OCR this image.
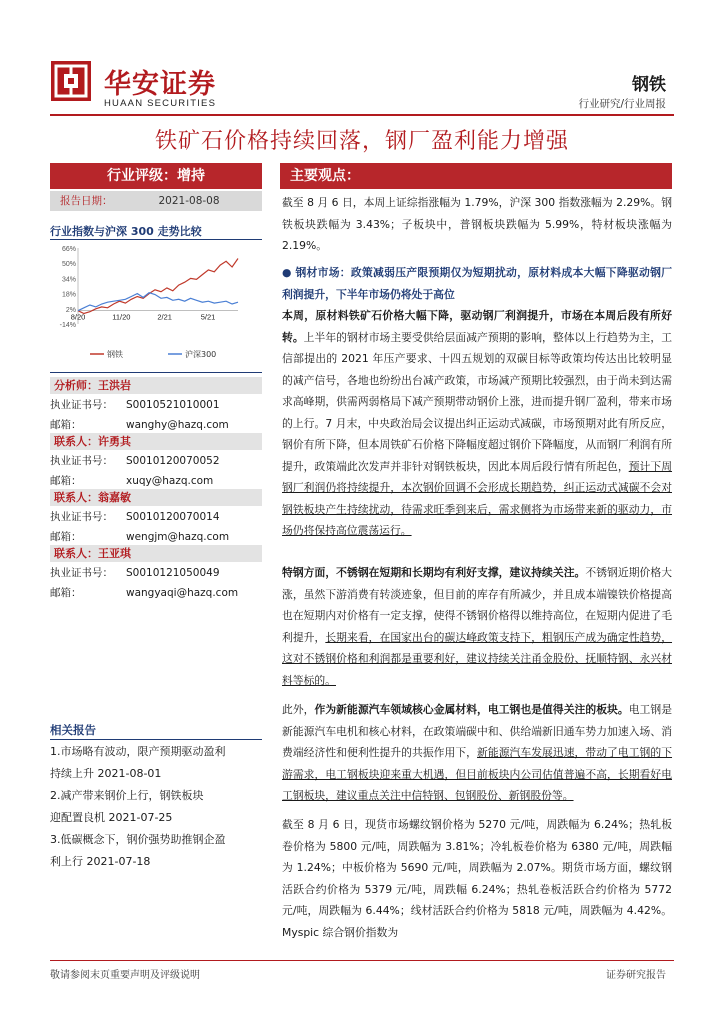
华安证券
HUAAN SECURITIES
钢铁
行业研究/行业周报
铁矿石价格持续回落，钢厂盈利能力增强
行业评级：增持
报告日期：	2021-08-08
行业指数与沪深 300 走势比较
66%
50%
34%
18%
2%
-14%
8/20	11/20	2/21	5/21
钢铁	沪深300
分析师：王洪岩
执业证书号： S0010521010001
邮箱：	wanghy@hazq.com
联系人：许勇其
执业证书号： S0010120070052
邮箱：	xuqy@hazq.com
联系人：翁嘉敏
执业证书号： S0010120070014
邮箱：	wengjm@hazq.com
联系人：王亚琪
执业证书号： S0010121050049
邮箱：	wangyaqi@hazq.com
相关报告
1.市场略有波动，限产预期驱动盈利
持续上升 2021-08-01
2.减产带来钢价上行，钢铁板块
迎配置良机 2021-07-25
3.低碳概念下，钢价强势助推钢企盈
利上行 2021-07-18
主要观点：
截至 8 月 6 日，本周上证综指涨幅为 1.79%，沪深 300 指数涨幅为 2.29%。钢铁板块跌幅为 3.43%；子板块中，普钢板块跌幅为 5.99%，特材板块涨幅为 2.19%。
● 钢材市场：政策减弱压产限预期仅为短期扰动，原材料成本大幅下降驱动钢厂利润提升，下半年市场仍将处于高位
本周，原材料铁矿石价格大幅下降，驱动钢厂利润提升，市场在本周后段有所好转。上半年的钢材市场主要受供给层面减产预期的影响，整体以上行趋势为主，工信部提出的 2021 年压产要求、十四五规划的双碳目标等政策均传达出比较明显的减产信号，各地也纷纷出台减产政策，市场减产预期比较强烈，由于尚未到达需求高峰期，供需两弱格局下减产预期带动钢价上涨，进而提升钢厂盈利，带来市场的上行。7 月末，中央政治局会议提出纠正运动式减碳，市场预期对此有所反应，钢价有所下降，但本周铁矿石价格下降幅度超过钢价下降幅度，从而钢厂利润有所提升，政策端此次发声并非针对钢铁板块，因此本周后段行情有所起色，预计下周钢厂利润仍将持续提升，本次钢价回调不会形成长期趋势，纠正运动式减碳不会对钢铁板块产生持续扰动，待需求旺季到来后，需求侧将为市场带来新的驱动力，市场仍将保持高位震荡运行。
特钢方面，不锈钢在短期和长期均有利好支撑，建议持续关注。不锈钢近期价格大涨，虽然下游消费有转淡迹象，但目前的库存有所减少，并且成本端镍铁价格提高也在短期内对价格有一定支撑，使得不锈钢价格得以维持高位，在短期内促进了毛利提升，长期来看，在国家出台的碳达峰政策支持下，粗钢压产成为确定性趋势，这对不锈钢价格和利润都是重要利好，建议持续关注甬金股份、抚顺特钢、永兴材料等标的。
此外，作为新能源汽车领域核心金属材料，电工钢也是值得关注的板块。电工钢是新能源汽车电机和核心材料，在政策端碳中和、供给端新旧通车势力加速入场、消费端经济性和便利性提升的共振作用下，新能源汽车发展迅速，带动了电工钢的下游需求，电工钢板块迎来重大机遇，但目前板块内公司估值普遍不高，长期看好电工钢板块，建议重点关注中信特钢、包钢股份、新钢股份等。
截至 8 月 6 日，现货市场螺纹钢价格为 5270 元/吨，周跌幅为 6.24%；热轧板卷价格为 5800 元/吨，周跌幅为 3.81%；冷轧板卷价格为 6380 元/吨，周跌幅为 1.24%；中板价格为 5690 元/吨，周跌幅为 2.07%。期货市场方面，螺纹钢活跃合约价格为 5379 元/吨，周跌幅 6.24%；热轧卷板活跃合约价格为 5772 元/吨，周跌幅为 6.44%；线材活跃合约价格为 5818 元/吨，周跌幅为 4.42%。Myspic 综合钢价指数为
敬请参阅末页重要声明及评级说明	证券研究报告
